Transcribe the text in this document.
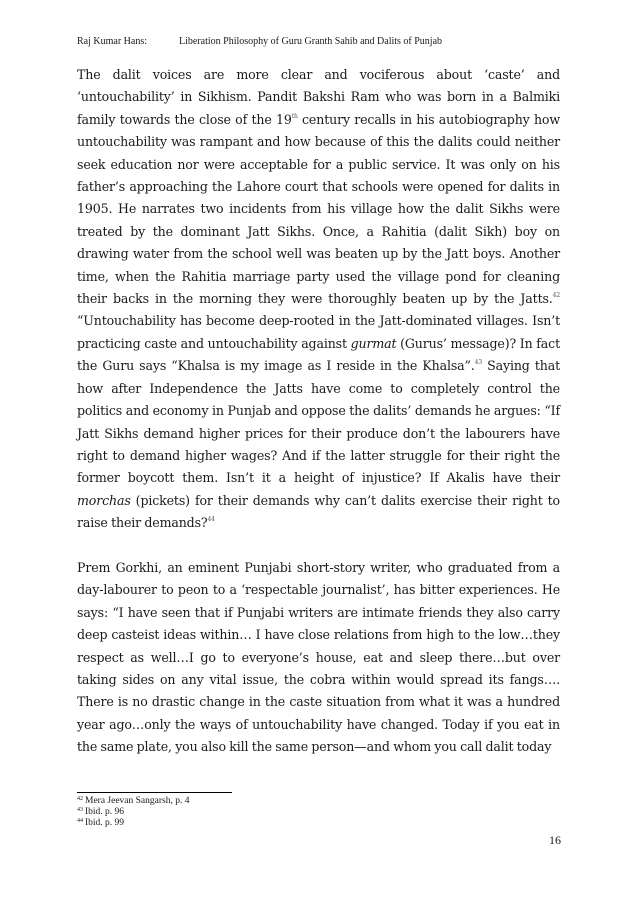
Raj Kumar Hans:	Liberation Philosophy of Guru Granth Sahib and Dalits of Punjab

The dalit voices are more clear and vociferous about ‘caste’ and ‘untouchability’ in Sikhism. Pandit Bakshi Ram who was born in a Balmiki family towards the close of the 19th century recalls in his autobiography how untouchability was rampant and how because of this the dalits could neither seek education nor were acceptable for a public service. It was only on his father’s approaching the Lahore court that schools were opened for dalits in 1905. He narrates two incidents from his village how the dalit Sikhs were treated by the dominant Jatt Sikhs. Once, a Rahitia (dalit Sikh) boy on drawing water from the school well was beaten up by the Jatt boys. Another time, when the Rahitia marriage party used the village pond for cleaning their backs in the morning they were thoroughly beaten up by the Jatts.$^{42}$ “Untouchability has become deep-rooted in the Jatt-dominated villages. Isn’t practicing caste and untouchability against gurmat (Gurus’ message)? In fact the Guru says “Khalsa is my image as I reside in the Khalsa”.$^{43}$ Saying that how after Independence the Jatts have come to completely control the politics and economy in Punjab and oppose the dalits’ demands he argues: “If Jatt Sikhs demand higher prices for their produce don’t the labourers have right to demand higher wages? And if the latter struggle for their right the former boycott them. Isn’t it a height of injustice? If Akalis have their morchas (pickets) for their demands why can’t dalits exercise their right to raise their demands?$^{44}$

Prem Gorkhi, an eminent Punjabi short-story writer, who graduated from a day-labourer to peon to a ‘respectable journalist’, has bitter experiences. He says: “I have seen that if Punjabi writers are intimate friends they also carry deep casteist ideas within… I have close relations from high to the low…they respect as well…I go to everyone’s house, eat and sleep there…but over taking sides on any vital issue, the cobra within would spread its fangs…. There is no drastic change in the caste situation from what it was a hundred year ago…only the ways of untouchability have changed. Today if you eat in the same plate, you also kill the same person—and whom you call dalit today

$^{42}$ Mera Jeevan Sangarsh, p. 4
$^{43}$ Ibid. p. 96
$^{44}$ Ibid. p. 99
16
